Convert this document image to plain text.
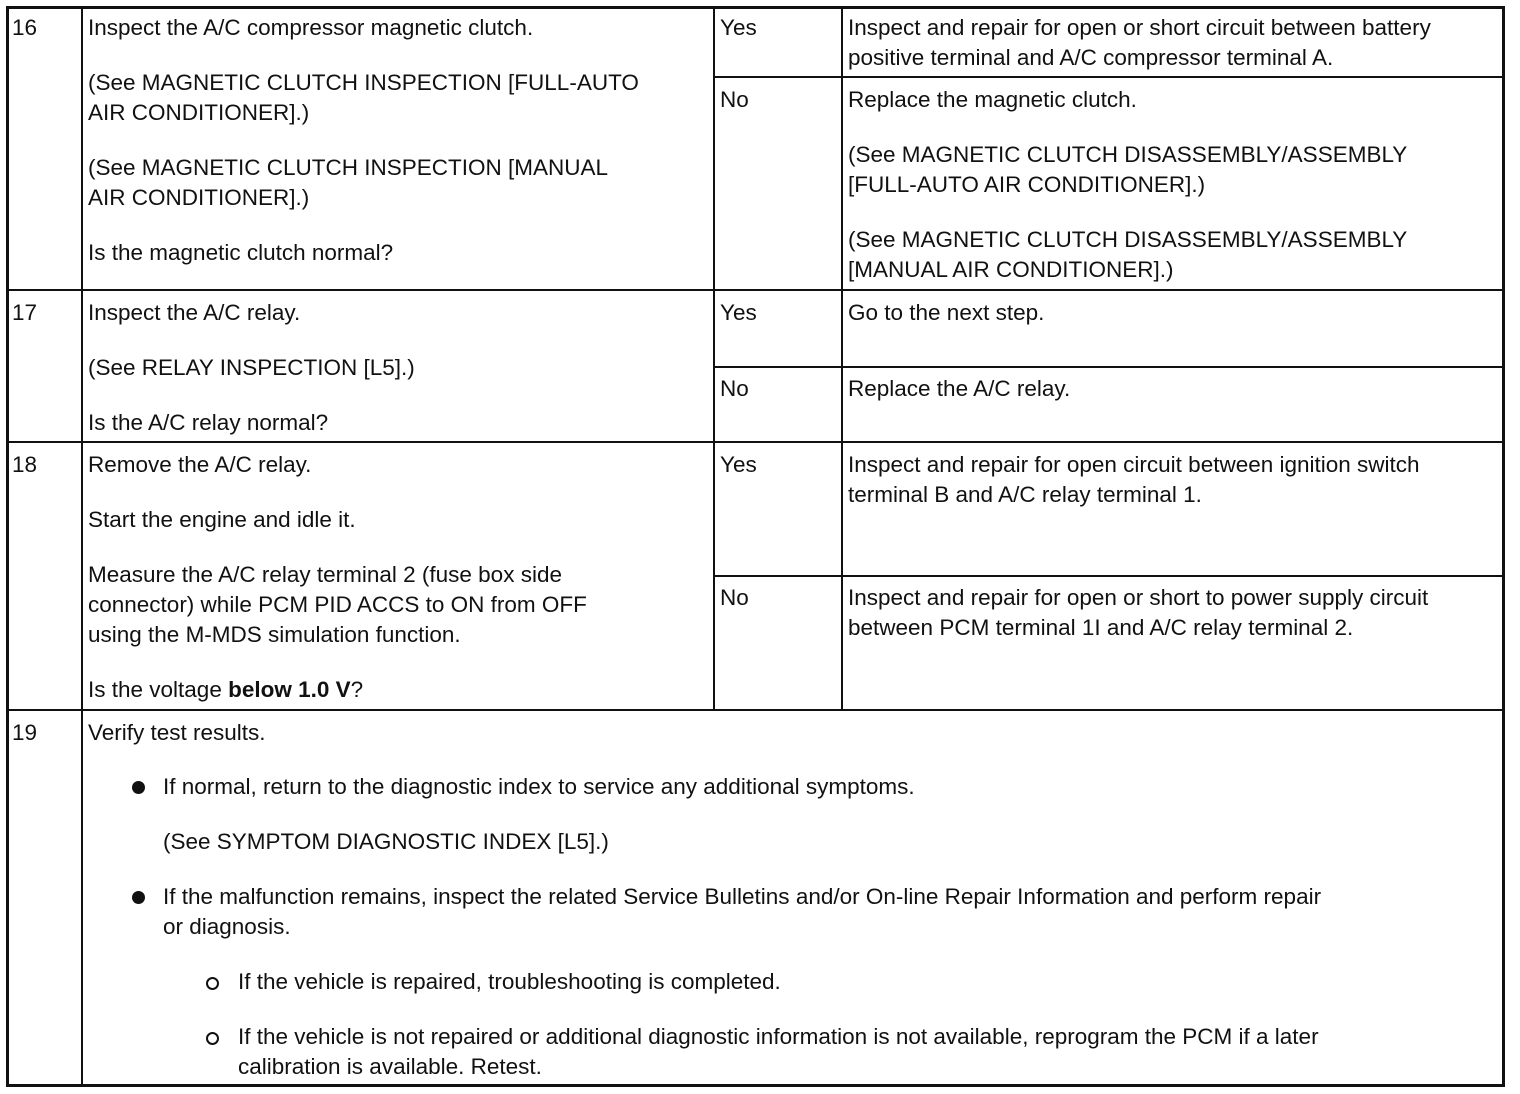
16 Inspect the A/C compressor magnetic clutch.
(See MAGNETIC CLUTCH INSPECTION [FULL-AUTO
AIR CONDITIONER].)
(See MAGNETIC CLUTCH INSPECTION [MANUAL
AIR CONDITIONER].)
Is the magnetic clutch normal?
Yes	Inspect and repair for open or short circuit between battery
positive terminal and A/C compressor terminal A.
No	Replace the magnetic clutch.
(See MAGNETIC CLUTCH DISASSEMBLY/ASSEMBLY
[FULL-AUTO AIR CONDITIONER].)
(See MAGNETIC CLUTCH DISASSEMBLY/ASSEMBLY
[MANUAL AIR CONDITIONER].)
17 Inspect the A/C relay.
(See RELAY INSPECTION [L5].)
Is the A/C relay normal?
Yes	Go to the next step.
No	Replace the A/C relay.
18 Remove the A/C relay.
Start the engine and idle it.
Measure the A/C relay terminal 2 (fuse box side
connector) while PCM PID ACCS to ON from OFF
using the M-MDS simulation function.
Is the voltage below 1.0 V?
Yes	Inspect and repair for open circuit between ignition switch
terminal B and A/C relay terminal 1.
No	Inspect and repair for open or short to power supply circuit
between PCM terminal 1I and A/C relay terminal 2.
19 Verify test results.
If normal, return to the diagnostic index to service any additional symptoms.
(See SYMPTOM DIAGNOSTIC INDEX [L5].)
If the malfunction remains, inspect the related Service Bulletins and/or On-line Repair Information and perform repair
or diagnosis.
If the vehicle is repaired, troubleshooting is completed.
If the vehicle is not repaired or additional diagnostic information is not available, reprogram the PCM if a later
calibration is available. Retest.
